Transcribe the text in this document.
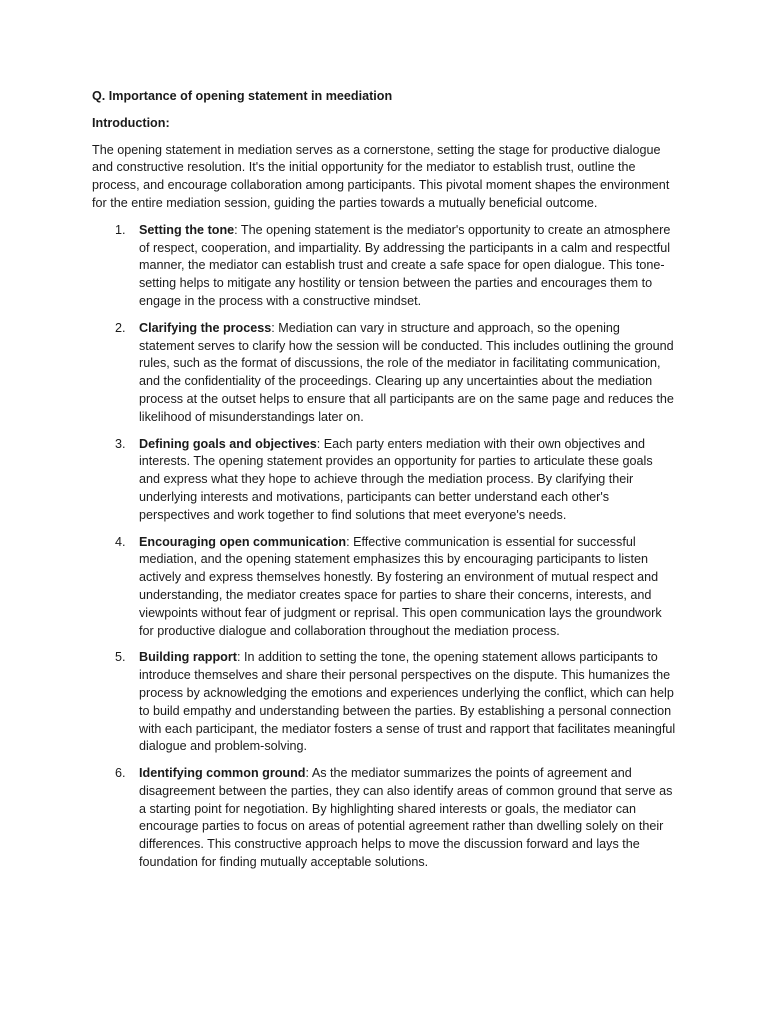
Q. Importance of opening statement in meediation

Introduction:

The opening statement in mediation serves as a cornerstone, setting the stage for productive dialogue and constructive resolution. It's the initial opportunity for the mediator to establish trust, outline the process, and encourage collaboration among participants. This pivotal moment shapes the environment for the entire mediation session, guiding the parties towards a mutually beneficial outcome.

1. Setting the tone: The opening statement is the mediator's opportunity to create an atmosphere of respect, cooperation, and impartiality. By addressing the participants in a calm and respectful manner, the mediator can establish trust and create a safe space for open dialogue. This tone-setting helps to mitigate any hostility or tension between the parties and encourages them to engage in the process with a constructive mindset.
2. Clarifying the process: Mediation can vary in structure and approach, so the opening statement serves to clarify how the session will be conducted. This includes outlining the ground rules, such as the format of discussions, the role of the mediator in facilitating communication, and the confidentiality of the proceedings. Clearing up any uncertainties about the mediation process at the outset helps to ensure that all participants are on the same page and reduces the likelihood of misunderstandings later on.
3. Defining goals and objectives: Each party enters mediation with their own objectives and interests. The opening statement provides an opportunity for parties to articulate these goals and express what they hope to achieve through the mediation process. By clarifying their underlying interests and motivations, participants can better understand each other's perspectives and work together to find solutions that meet everyone's needs.
4. Encouraging open communication: Effective communication is essential for successful mediation, and the opening statement emphasizes this by encouraging participants to listen actively and express themselves honestly. By fostering an environment of mutual respect and understanding, the mediator creates space for parties to share their concerns, interests, and viewpoints without fear of judgment or reprisal. This open communication lays the groundwork for productive dialogue and collaboration throughout the mediation process.
5. Building rapport: In addition to setting the tone, the opening statement allows participants to introduce themselves and share their personal perspectives on the dispute. This humanizes the process by acknowledging the emotions and experiences underlying the conflict, which can help to build empathy and understanding between the parties. By establishing a personal connection with each participant, the mediator fosters a sense of trust and rapport that facilitates meaningful dialogue and problem-solving.
6. Identifying common ground: As the mediator summarizes the points of agreement and disagreement between the parties, they can also identify areas of common ground that serve as a starting point for negotiation. By highlighting shared interests or goals, the mediator can encourage parties to focus on areas of potential agreement rather than dwelling solely on their differences. This constructive approach helps to move the discussion forward and lays the foundation for finding mutually acceptable solutions.
